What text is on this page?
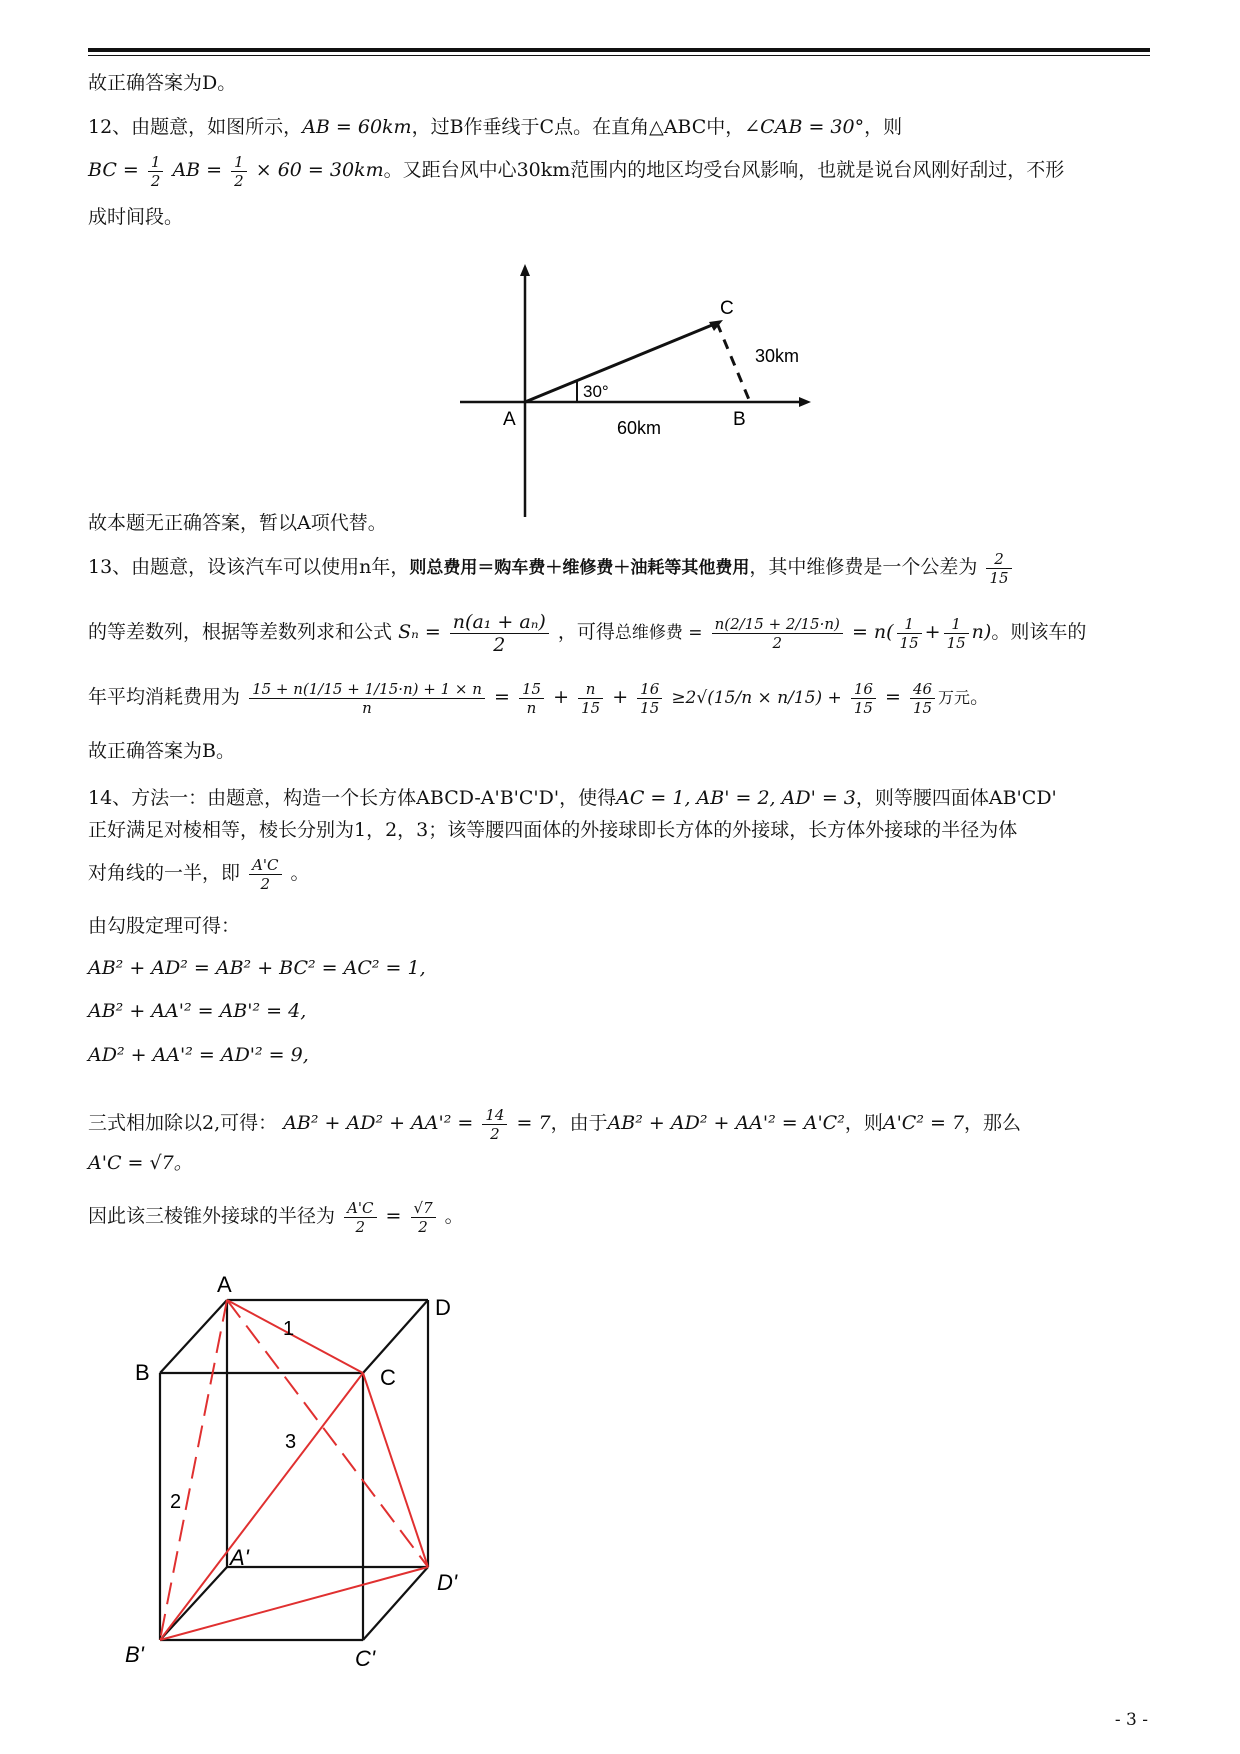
故正确答案为D。
12、由题意，如图所示，AB = 60km，过B作垂线于C点。在直角△ABC中，∠CAB = 30°，则
BC = $\frac{1}{2}$ AB = $\frac{1}{2} \times 60 = 30km$。又距台风中心30km范围内的地区均受台风影响，也就是说台风刚好刮过，不形
成时间段。
C
30km
30°
A	B
60km
故本题无正确答案，暂以A项代替。
13、由题意，设该汽车可以使用n年，则总费用＝购车费＋维修费＋油耗等其他费用，其中维修费是一个公差为 $\frac{2}{15}$
的等差数列，根据等差数列求和公式 $S_n = \frac{\text{n(a₁ + aₙ)}}{2}$ ，可得总维修费 = $\frac{n(2/15 + 2/15\cdot n)}{2} = n( \frac{1}{15} + \frac{1}{15} n)$。则该车的
年平均消耗费用为 $\frac{15 + n(1/15 + 1/15\cdot n) + 1 \times n}{n} = \frac{15}{n} + \frac{n}{15} + \frac{16}{15} \ge 2√(15/n \times n/15) + \frac{16}{15} = \frac{46}{15}$ 万元。
故正确答案为B。
14、方法一：由题意，构造一个长方体ABCD-A'B'C'D'，使得AC = 1, AB' = 2, AD' = 3，则等腰四面体AB'CD'
正好满足对棱相等，棱长分别为1，2，3；该等腰四面体的外接球即长方体的外接球，长方体外接球的半径为体
对角线的一半，即 $\frac{A'C}{2}$ 。
由勾股定理可得：
AB² + AD² = AB² + BC² = AC² = 1,
AB² + AA'² = AB'² = 4,
AD² + AA'² = AD'² = 9,
三式相加除以2,可得： $AB^2 + AD^2 + AA'^2 = \frac{14}{2} = 7$，由于AB² + AD² + AA'² = A'C²，则A'C² = 7，那么
A'C = √7。
因此该三棱锥外接球的半径为 $\frac{A'C}{2} = \frac{√7}{2}$ 。
A
D
B	C
A'
D'
B'	C'
1
2
3
- 3 -
